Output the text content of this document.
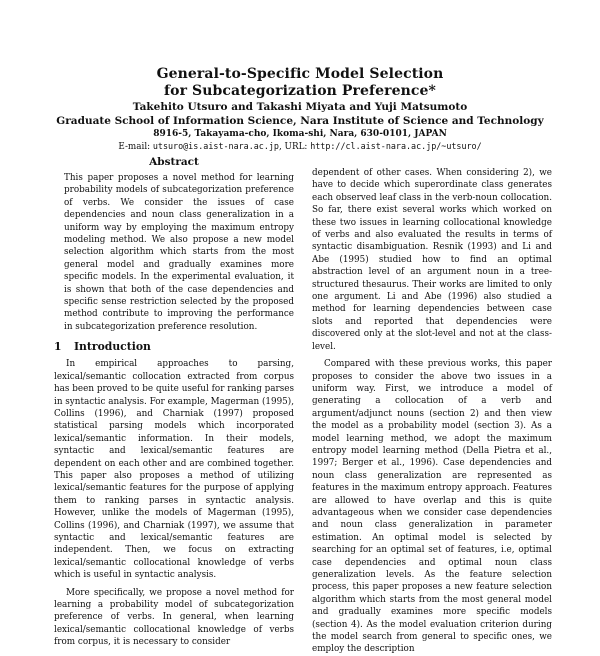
General-to-Specific Model Selection
for Subcategorization Preference*
Takehito Utsuro and Takashi Miyata and Yuji Matsumoto
Graduate School of Information Science, Nara Institute of Science and Technology
8916-5, Takayama-cho, Ikoma-shi, Nara, 630-0101, JAPAN
E-mail: utsuro@is.aist-nara.ac.jp, URL: http://cl.aist-nara.ac.jp/~utsuro/
Abstract

This paper proposes a novel method for learning probability models of subcategorization preference of verbs. We consider the issues of case dependencies and noun class generalization in a uniform way by employing the maximum entropy modeling method. We also propose a new model selection algorithm which starts from the most general model and gradually examines more specific models. In the experimental evaluation, it is shown that both of the case dependencies and specific sense restriction selected by the proposed method contribute to improving the performance in subcategorization preference resolution.

1 Introduction

In empirical approaches to parsing, lexical/semantic collocation extracted from corpus has been proved to be quite useful for ranking parses in syntactic analysis. For example, Magerman (1995), Collins (1996), and Charniak (1997) proposed statistical parsing models which incorporated lexical/semantic information. In their models, syntactic and lexical/semantic features are dependent on each other and are combined together. This paper also proposes a method of utilizing lexical/semantic features for the purpose of applying them to ranking parses in syntactic analysis. However, unlike the models of Magerman (1995), Collins (1996), and Charniak (1997), we assume that syntactic and lexical/semantic features are independent. Then, we focus on extracting lexical/semantic collocational knowledge of verbs which is useful in syntactic analysis.

More specifically, we propose a novel method for learning a probability model of subcategorization preference of verbs. In general, when learning lexical/semantic collocational knowledge of verbs from corpus, it is necessary to consider

dependent of other cases. When considering 2), we have to decide which superordinate class generates each observed leaf class in the verb-noun collocation. So far, there exist several works which worked on these two issues in learning collocational knowledge of verbs and also evaluated the results in terms of syntactic disambiguation. Resnik (1993) and Li and Abe (1995) studied how to find an optimal abstraction level of an argument noun in a tree-structured thesaurus. Their works are limited to only one argument. Li and Abe (1996) also studied a method for learning dependencies between case slots and reported that dependencies were discovered only at the slot-level and not at the class-level.

Compared with these previous works, this paper proposes to consider the above two issues in a uniform way. First, we introduce a model of generating a collocation of a verb and argument/adjunct nouns (section 2) and then view the model as a probability model (section 3). As a model learning method, we adopt the maximum entropy model learning method (Della Pietra et al., 1997; Berger et al., 1996). Case dependencies and noun class generalization are represented as features in the maximum entropy approach. Features are allowed to have overlap and this is quite advantageous when we consider case dependencies and noun class generalization in parameter estimation. An optimal model is selected by searching for an optimal set of features, i.e, optimal case dependencies and optimal noun class generalization levels. As the feature selection process, this paper proposes a new feature selection algorithm which starts from the most general model and gradually examines more specific models (section 4). As the model evaluation criterion during the model search from general to specific ones, we employ the description
